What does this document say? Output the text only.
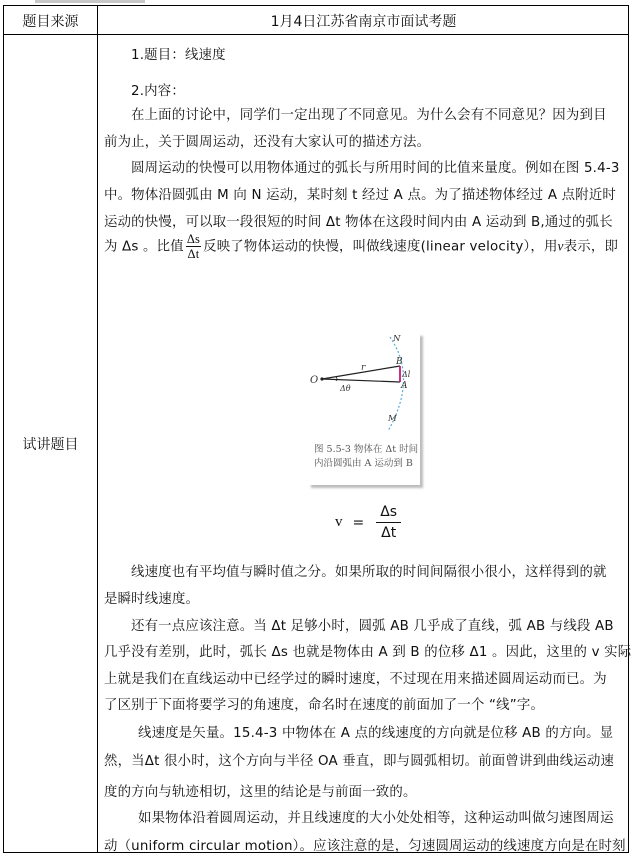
题目来源	1月4日江苏省南京市面试考题
试讲题目
1.题目：线速度
2.内容：
在上面的讨论中，同学们一定出现了不同意见。为什么会有不同意见？因为到目
前为止，关于圆周运动，还没有大家认可的描述方法。
圆周运动的快慢可以用物体通过的弧长与所用时间的比值来量度。例如在图 5.4-3
中。物体沿圆弧由 M 向 N 运动，某时刻 t 经过 A 点。为了描述物体经过 A 点附近时
运动的快慢，可以取一段很短的时间 Δt 物体在这段时间内由 A 运动到 B,通过的弧长
为 Δs 。比值 $\frac{\Delta s}{\Delta t}$ 反映了物体运动的快慢，叫做线速度(linear velocity），用v表示，即
线速度也有平均值与瞬时值之分。如果所取的时间间隔很小很小，这样得到的就
是瞬时线速度。
还有一点应该注意。当 Δt 足够小时，圆弧 AB 几乎成了直线，弧 AB 与线段 AB
几乎没有差别，此时，弧长 Δs 也就是物体由 A 到 B 的位移 Δ1 。因此，这里的 v 实际
上就是我们在直线运动中已经学过的瞬时速度，不过现在用来描述圆周运动而已。为
了区别于下面将要学习的角速度，命名时在速度的前面加了一个 “线”字。
线速度是矢量。15.4-3 中物体在 A 点的线速度的方向就是位移 AB 的方向。显
然，当Δt 很小时，这个方向与半径 OA 垂直，即与圆弧相切。前面曾讲到曲线运动速
度的方向与轨迹相切，这里的结论是与前面一致的。
如果物体沿着圆周运动，并且线速度的大小处处相等，这种运动叫做匀速图周运
动（uniform circular motion）。应该注意的是，匀速圆周运动的线速度方向是在时刻
O
r
B
A
N
M
Δl
Δθ
图 5.5-3 物体在 Δt 时间
内沿圆弧由 A 运动到 B
$v = \frac{\Delta s}{\Delta t}$
